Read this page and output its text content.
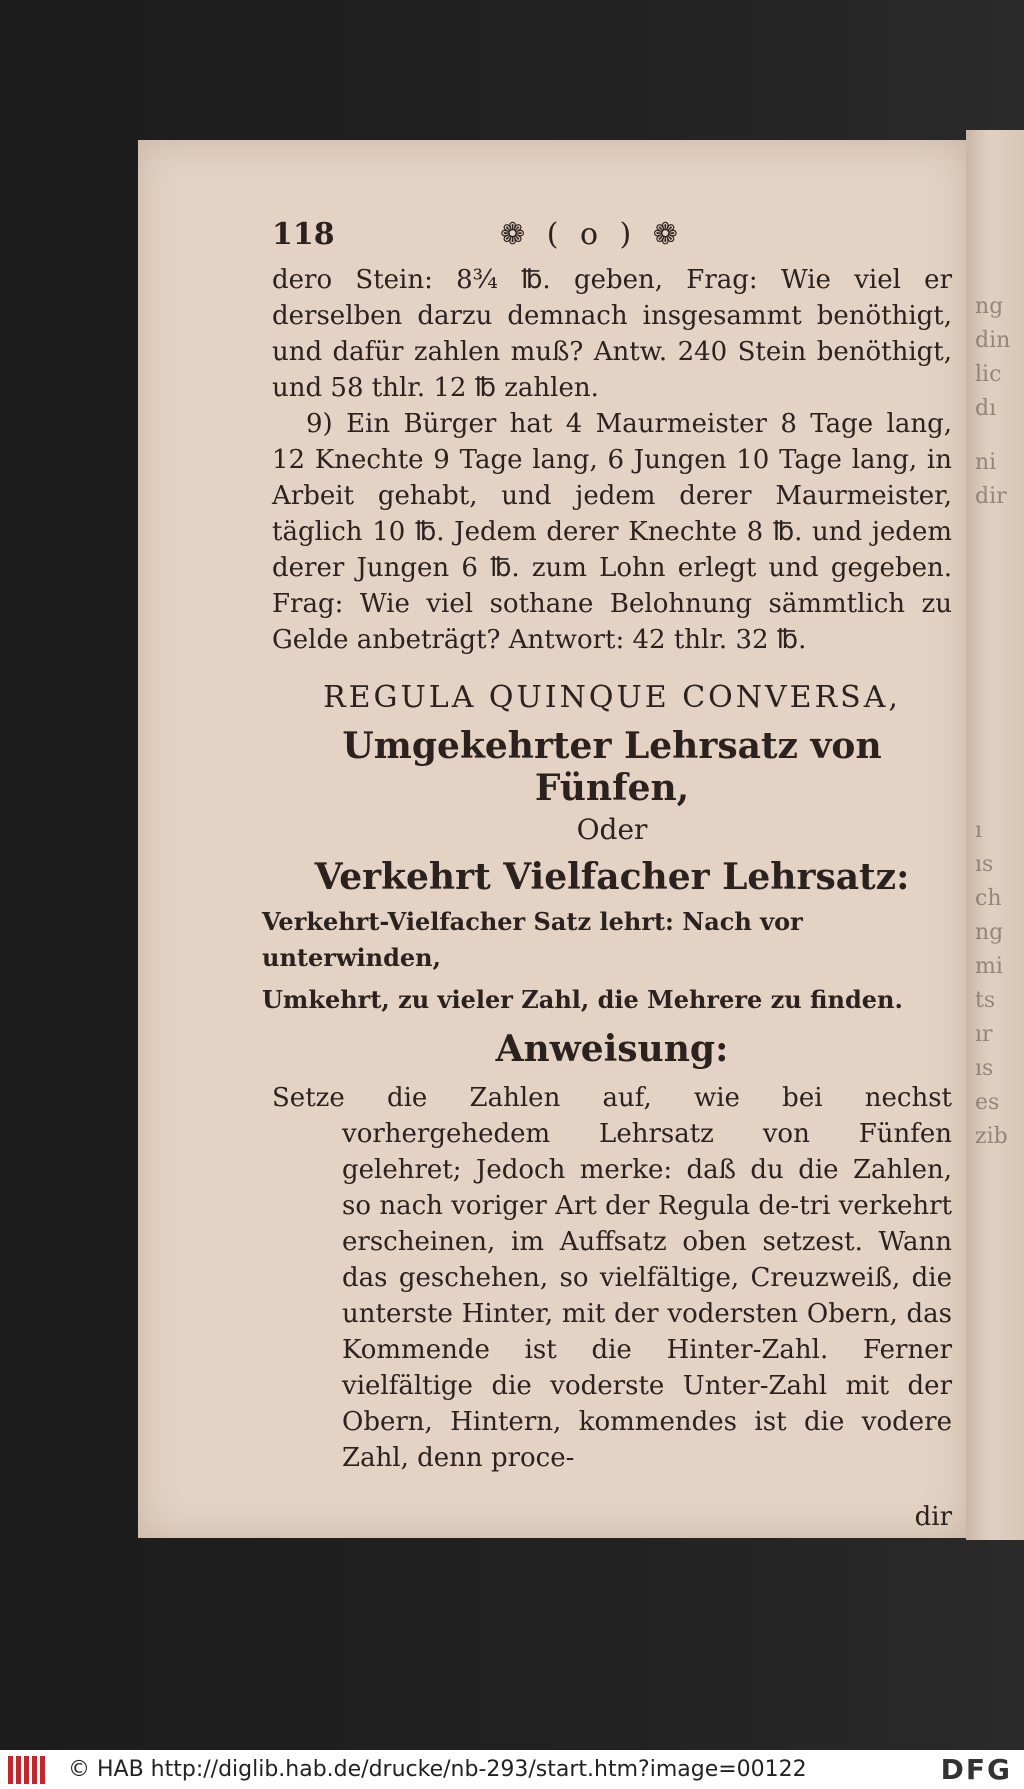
ng
din
lic
dı
ni
dir
ı
ıs
ch
ng
mi
ts
ır
ıs
es
zib
118	❁ ( o ) ❁

dero Stein: 8¾ ℔. geben, Frag: Wie viel er derselben darzu demnach insgesammt benöthigt, und dafür zahlen muß? Antw. 240 Stein benöthigt, und 58 thlr. 12 ℔ zahlen.

9) Ein Bürger hat 4 Maurmeister 8 Tage lang, 12 Knechte 9 Tage lang, 6 Jungen 10 Tage lang, in Arbeit gehabt, und jedem derer Maurmeister, täglich 10 ℔. Jedem derer Knechte 8 ℔. und jedem derer Jungen 6 ℔. zum Lohn erlegt und gegeben. Frag: Wie viel sothane Belohnung sämmtlich zu Gelde anbeträgt? Antwort: 42 thlr. 32 ℔.

REGULA QUINQUE CONVERSA,
Umgekehrter Lehrsatz von Fünfen,
Oder
Verkehrt Vielfacher Lehrsatz:
Verkehrt-Vielfacher Satz lehrt: Nach vor unterwinden,
Umkehrt, zu vieler Zahl, die Mehrere zu finden.
Anweisung:

Setze die Zahlen auf, wie bei nechst vorhergehedem Lehrsatz von Fünfen gelehret; Jedoch merke: daß du die Zahlen, so nach voriger Art der Regula de-tri verkehrt erscheinen, im Auffsatz oben setzest. Wann das geschehen, so vielfältige, Creuzweiß, die unterste Hinter, mit der vodersten Obern, das Kommende ist die Hinter-Zahl. Ferner vielfältige die voderste Unter-Zahl mit der Obern, Hintern, kommendes ist die vodere Zahl, denn proce-

dir
© HAB http://diglib.hab.de/drucke/nb-293/start.htm?image=00122	DFG
